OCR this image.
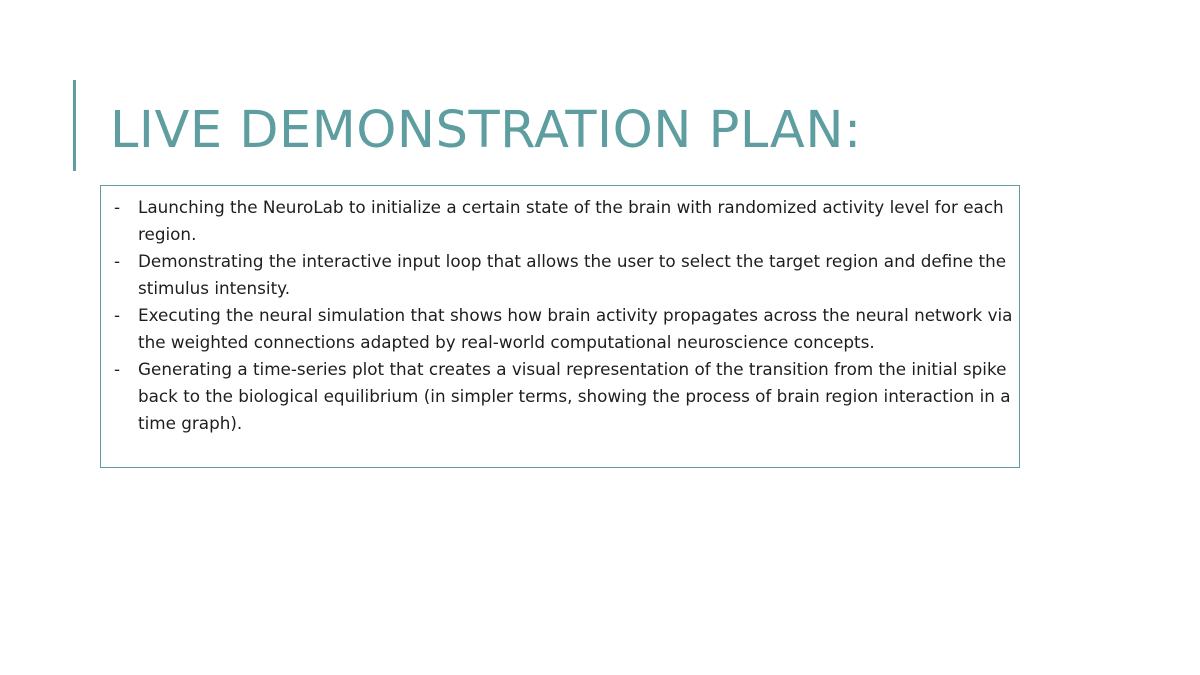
LIVE DEMONSTRATION PLAN:
- Launching the NeuroLab to initialize a certain state of the brain with randomized activity level for each region.
- Demonstrating the interactive input loop that allows the user to select the target region and define the stimulus intensity.
- Executing the neural simulation that shows how brain activity propagates across the neural network via the weighted connections adapted by real-world computational neuroscience concepts.
- Generating a time-series plot that creates a visual representation of the transition from the initial spike back to the biological equilibrium (in simpler terms, showing the process of brain region interaction in a time graph).
